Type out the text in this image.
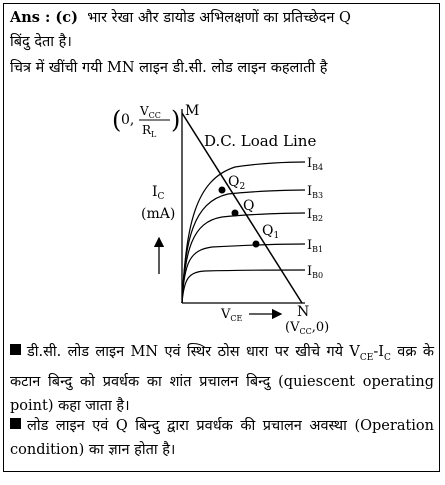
Ans : (c) भार रेखा और डायोड अभिलक्षणों का प्रतिच्छेदन Q
बिंदु देता है।
चित्र में खींची गयी MN लाइन डी.सी. लोड लाइन कहलाती है
( 0,
$V_{CC}$
$R_L$
) M
D.C. Load Line
$I_{B4}$
$I_{B3}$
$I_{B2}$
$I_{B1}$
$I_{B0}$
$Q_2$
Q
$Q_1$
$I_C$
(mA)
$V_{CE}$	N
$(V_{CC},0)$
डी.सी. लोड लाइन MN एवं स्थिर ठोस धारा पर खीचे गये $V_{CE}-I_C$ वक्र के कटान बिन्दु को प्रवर्धक का शांत प्रचालन बिन्दु (quiescent operating point) कहा जाता है।
लोड लाइन एवं Q बिन्दु द्वारा प्रवर्धक की प्रचालन अवस्था (Operation condition) का ज्ञान होता है।
